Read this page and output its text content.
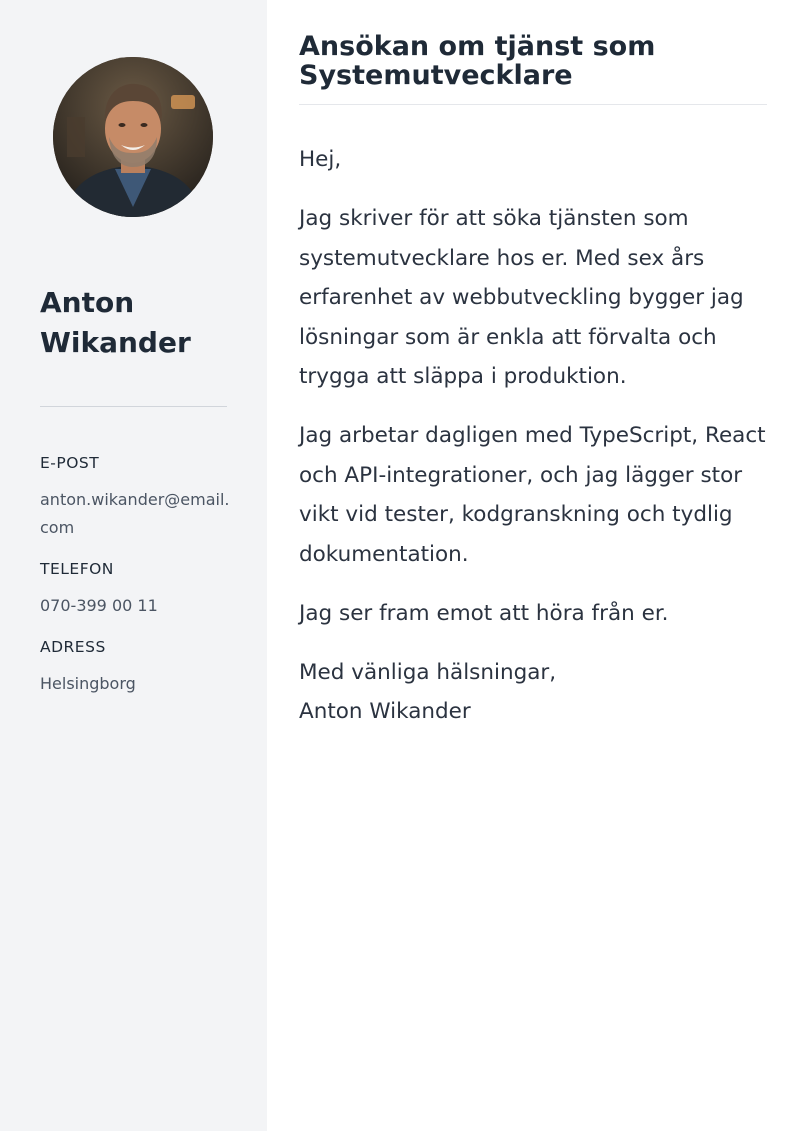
Anton Wikander
E-POST
anton.wikander@email.com
TELEFON
070-399 00 11
ADRESS
Helsingborg
Ansökan om tjänst som Systemutvecklare

Hej,

Jag skriver för att söka tjänsten som systemutvecklare hos er. Med sex års erfarenhet av webbutveckling bygger jag lösningar som är enkla att förvalta och trygga att släppa i produktion.

Jag arbetar dagligen med TypeScript, React och API-integrationer, och jag lägger stor vikt vid tester, kodgranskning och tydlig dokumentation.

Jag ser fram emot att höra från er.

Med vänliga hälsningar,
Anton Wikander
